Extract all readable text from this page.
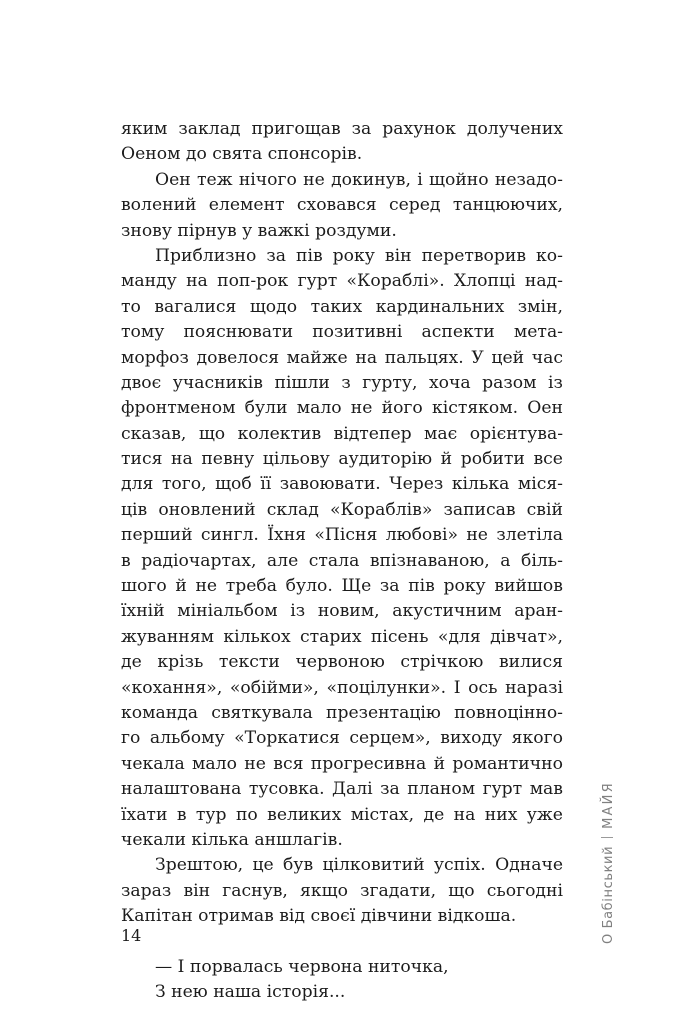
яким заклад пригощав за рахунок долучених
Оеном до свята спонсорів.
Оен теж нічого не докинув, і щойно незадо-
волений елемент сховався серед танцюючих,
знову пірнув у важкі роздуми.
Приблизно за пів року він перетворив ко-
манду на поп-рок гурт «Кораблі». Хлопці над-
то вагалися щодо таких кардинальних змін,
тому пояснювати позитивні аспекти мета-
морфоз довелося майже на пальцях. У цей час
двоє учасників пішли з гурту, хоча разом із
фронтменом були мало не його кістяком. Оен
сказав, що колектив відтепер має орієнтува-
тися на певну цільову аудиторію й робити все
для того, щоб її завоювати. Через кілька міся-
ців оновлений склад «Кораблів» записав свій
перший сингл. Їхня «Пісня любові» не злетіла
в радіочартах, але стала впізнаваною, а біль-
шого й не треба було. Ще за пів року вийшов
їхній мініальбом із новим, акустичним аран-
жуванням кількох старих пісень «для дівчат»,
де крізь тексти червоною стрічкою вилися
«кохання», «обійми», «поцілунки». І ось наразі
команда святкувала презентацію повноцінно-
го альбому «Торкатися серцем», виходу якого
чекала мало не вся прогресивна й романтично
налаштована тусовка. Далі за планом гурт мав
їхати в тур по великих містах, де на них уже
чекали кілька аншлагів.
Зрештою, це був цілковитий успіх. Одначе
зараз він гаснув, якщо згадати, що сьогодні
Капітан отримав від своєї дівчини відкоша.
— І порвалась червона ниточка,
З нею наша історія...
14	О БабінськийМАЙЯ
